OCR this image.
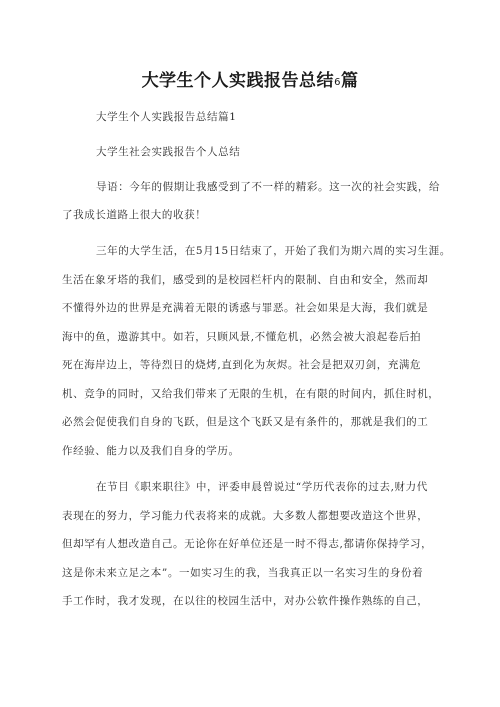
大学生个人实践报告总结6篇
大学生个人实践报告总结篇1
大学生社会实践报告个人总结
导语：今年的假期让我感受到了不一样的精彩。这一次的社会实践，给
了我成长道路上很大的收获！
三年的大学生活，在5月15日结束了，开始了我们为期六周的实习生涯。
生活在象牙塔的我们，感受到的是校园栏杆内的限制、自由和安全，然而却
不懂得外边的世界是充满着无限的诱惑与罪恶。社会如果是大海，我们就是
海中的鱼，遨游其中。如若，只顾风景,不懂危机，必然会被大浪起卷后拍
死在海岸边上，等待烈日的烧烤,直到化为灰烬。社会是把双刃剑，充满危
机、竞争的同时，又给我们带来了无限的生机，在有限的时间内，抓住时机，
必然会促使我们自身的飞跃，但是这个飞跃又是有条件的，那就是我们的工
作经验、能力以及我们自身的学历。
在节目《职来职往》中，评委申晨曾说过“学历代表你的过去,财力代
表现在的努力，学习能力代表将来的成就。大多数人都想要改造这个世界，
但却罕有人想改造自己。无论你在好单位还是一时不得志,都请你保持学习，
这是你未来立足之本”。一如实习生的我，当我真正以一名实习生的身份着
手工作时，我才发现，在以往的校园生活中，对办公软件操作熟练的自己，
